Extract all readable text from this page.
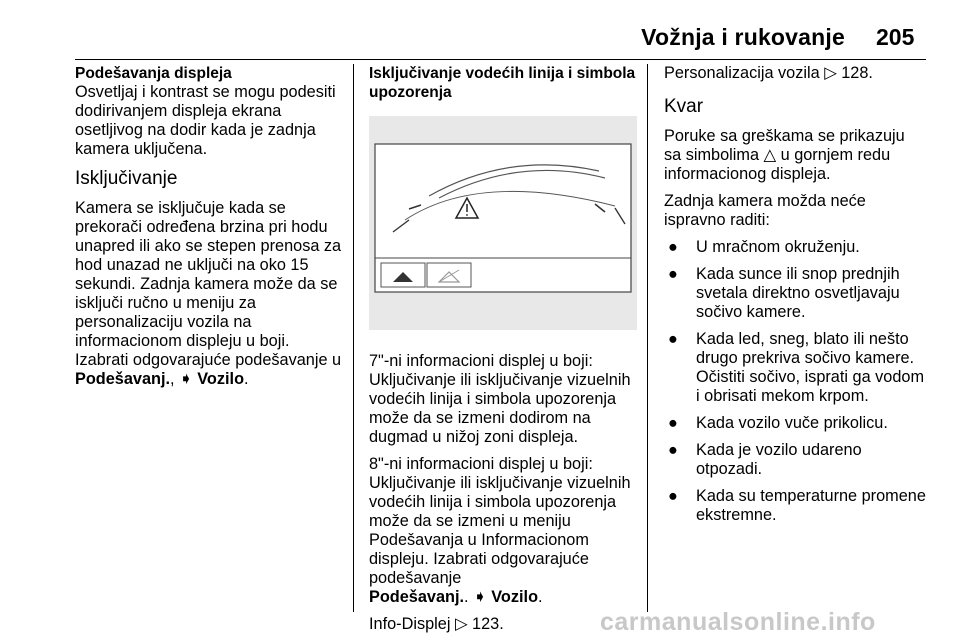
Vožnja i rukovanje 205
Podešavanja displeja

Osvetljaj i kontrast se mogu podesiti dodirivanjem displeja ekrana osetljivog na dodir kada je zadnja kamera uključena.

Isključivanje

Kamera se isključuje kada se prekorači određena brzina pri hodu unapred ili ako se stepen prenosa za hod unazad ne uključi na oko 15 sekundi. Zadnja kamera može da se isključi ručno u meniju za personalizaciju vozila na informacionom displeju u boji. Izabrati odgovarajuće podešavanje u
Podešavanj., ➧ Vozilo.

Isključivanje vodećih linija i simbola upozorenja

7"-ni informacioni displej u boji: Uključivanje ili isključivanje vizuelnih vodećih linija i simbola upozorenja može da se izmeni dodirom na dugmad u nižoj zoni displeja.

8"-ni informacioni displej u boji: Uključivanje ili isključivanje vizuelnih vodećih linija i simbola upozorenja može da se izmeni u meniju Podešavanja u Informacionom displeju. Izabrati odgovarajuće podešavanje
Podešavanj.. ➧ Vozilo.

Info-Displej ▷ 123.

Personalizacija vozila ▷ 128.

Kvar

Poruke sa greškama se prikazuju sa simbolima △ u gornjem redu informacionog displeja.

Zadnja kamera možda neće ispravno raditi:

● U mračnom okruženju.
● Kada sunce ili snop prednjih svetala direktno osvetljavaju sočivo kamere.
● Kada led, sneg, blato ili nešto drugo prekriva sočivo kamere. Očistiti sočivo, isprati ga vodom i obrisati mekom krpom.
● Kada vozilo vuče prikolicu.
● Kada je vozilo udareno otpozadi.
● Kada su temperaturne promene ekstremne.
carmanualsonline.info
